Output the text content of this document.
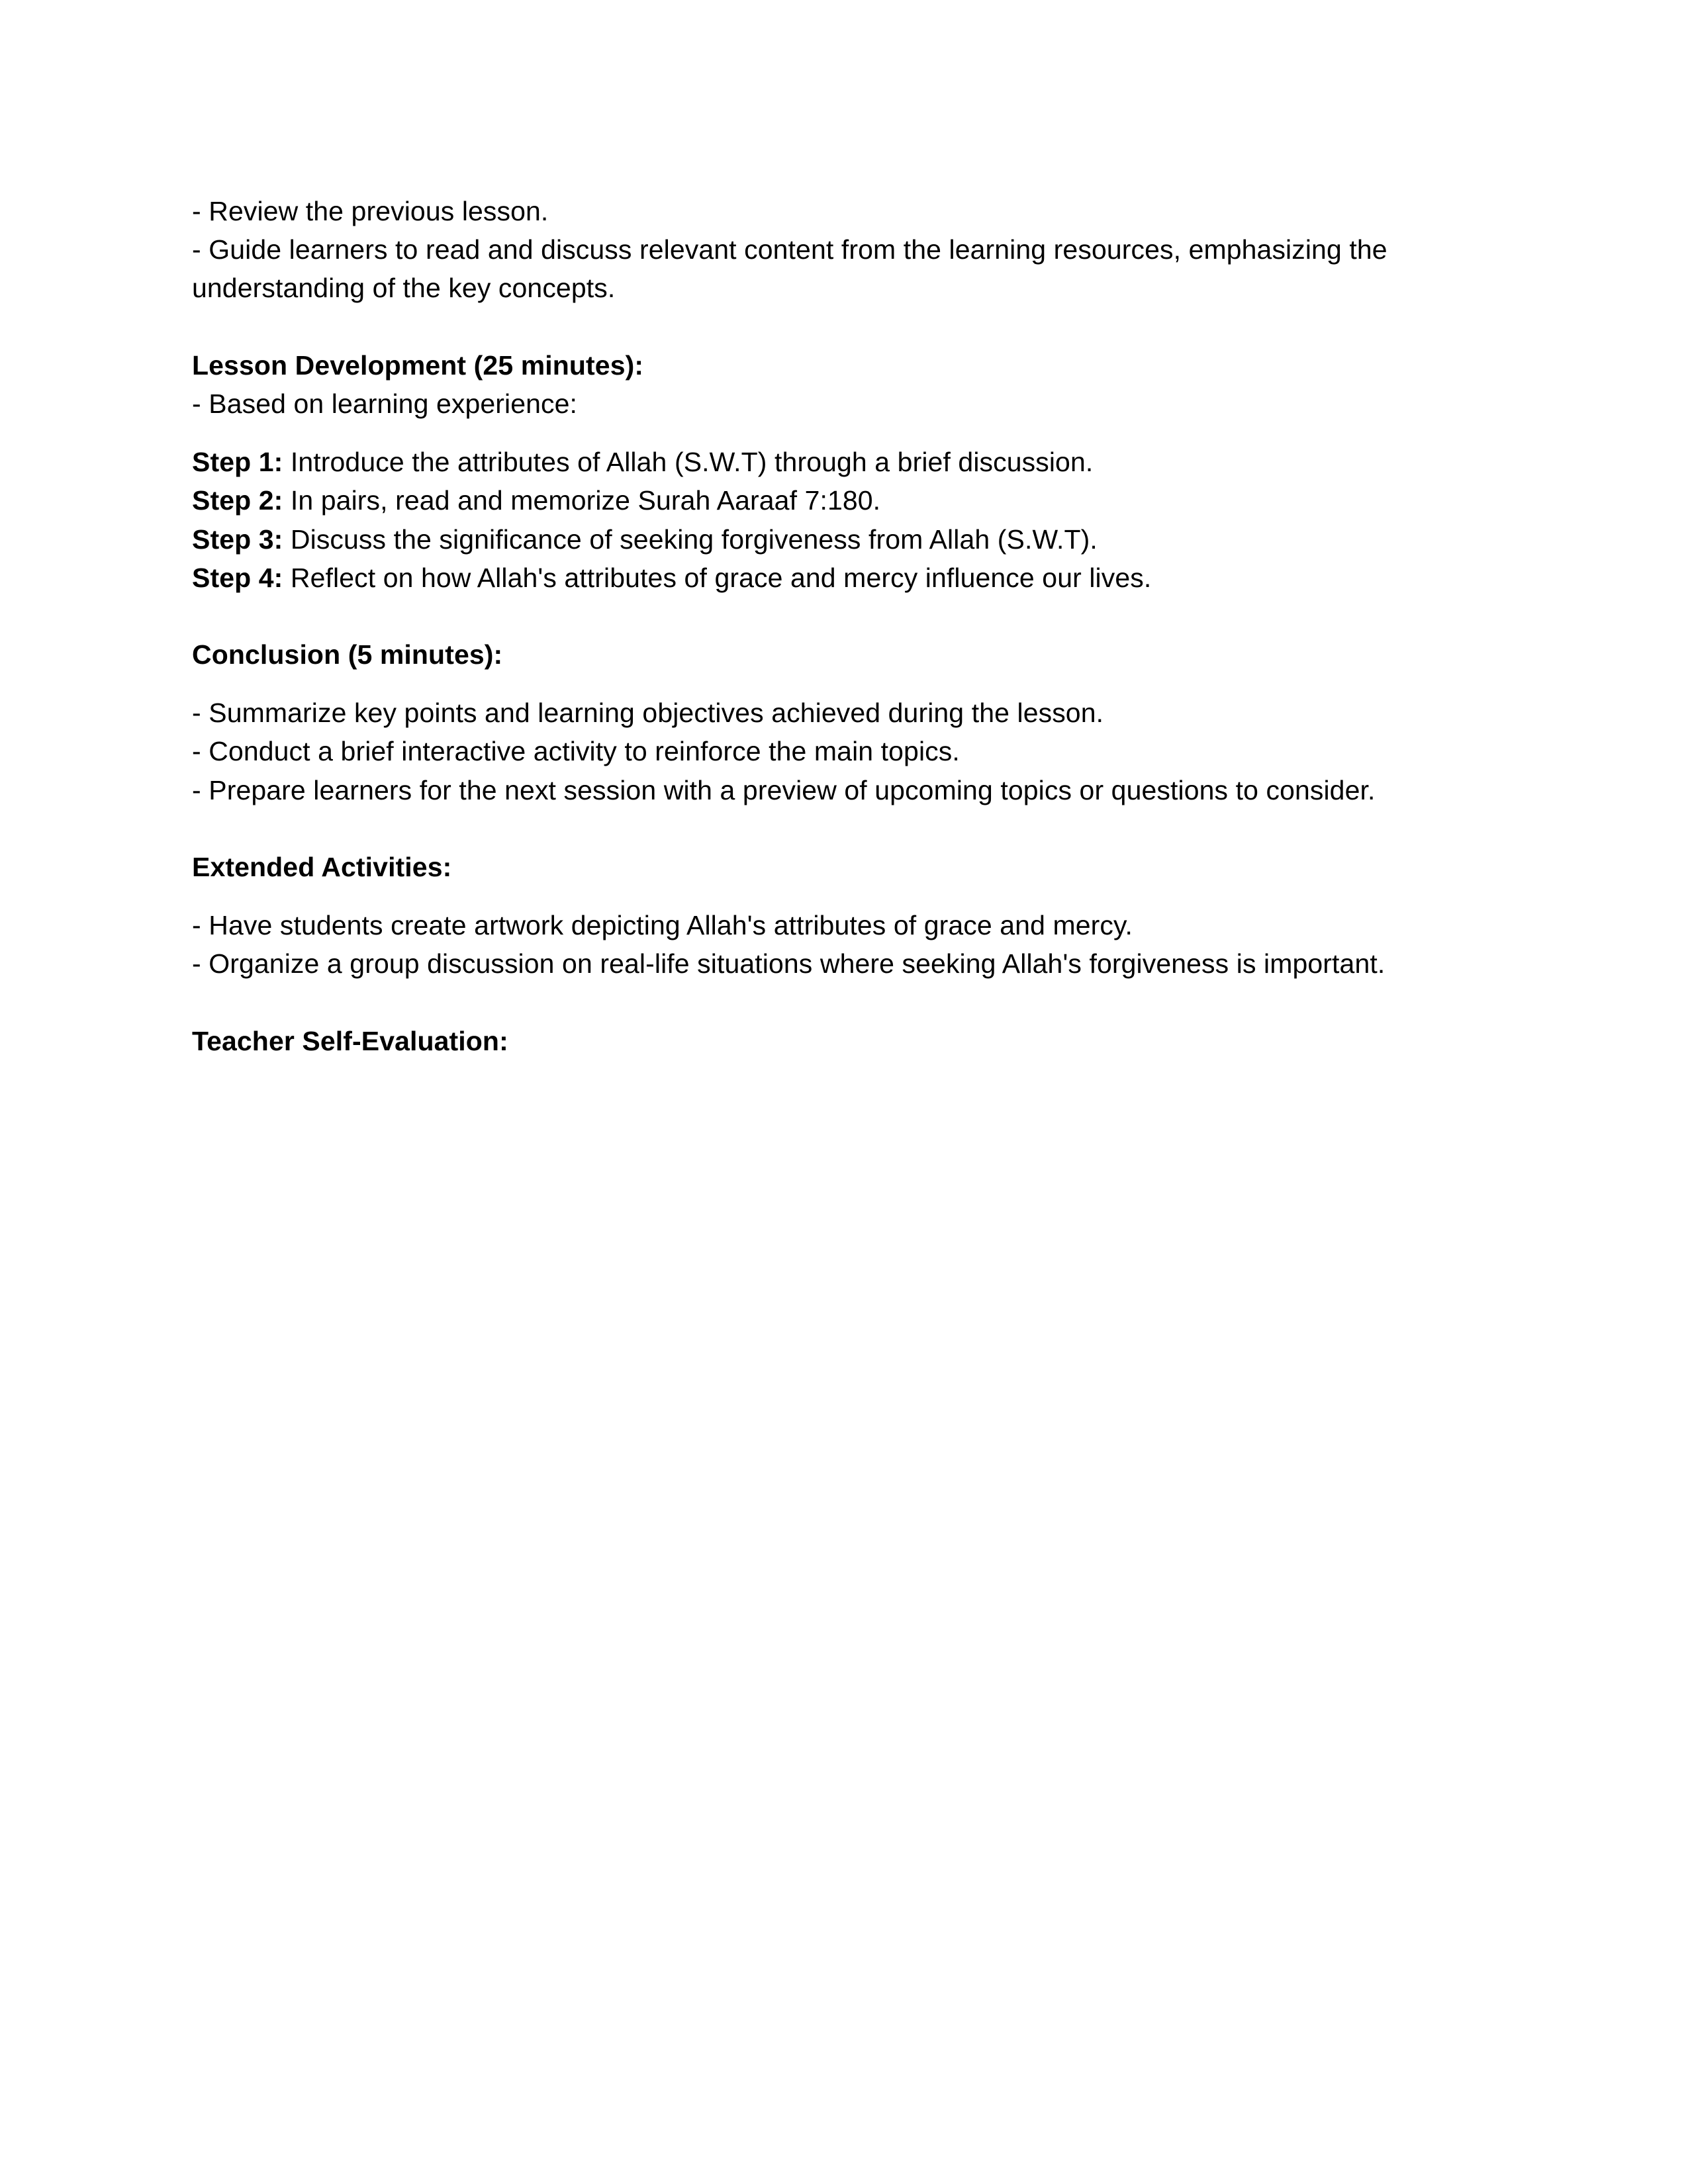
- Review the previous lesson.

- Guide learners to read and discuss relevant content from the learning resources, emphasizing the understanding of the key concepts.

Lesson Development (25 minutes):

- Based on learning experience:

Step 1: Introduce the attributes of Allah (S.W.T) through a brief discussion.

Step 2: In pairs, read and memorize Surah Aaraaf 7:180.

Step 3: Discuss the significance of seeking forgiveness from Allah (S.W.T).

Step 4: Reflect on how Allah's attributes of grace and mercy influence our lives.

Conclusion (5 minutes):

- Summarize key points and learning objectives achieved during the lesson.

- Conduct a brief interactive activity to reinforce the main topics.

- Prepare learners for the next session with a preview of upcoming topics or questions to consider.

Extended Activities:

- Have students create artwork depicting Allah's attributes of grace and mercy.

- Organize a group discussion on real-life situations where seeking Allah's forgiveness is important.

Teacher Self-Evaluation:
